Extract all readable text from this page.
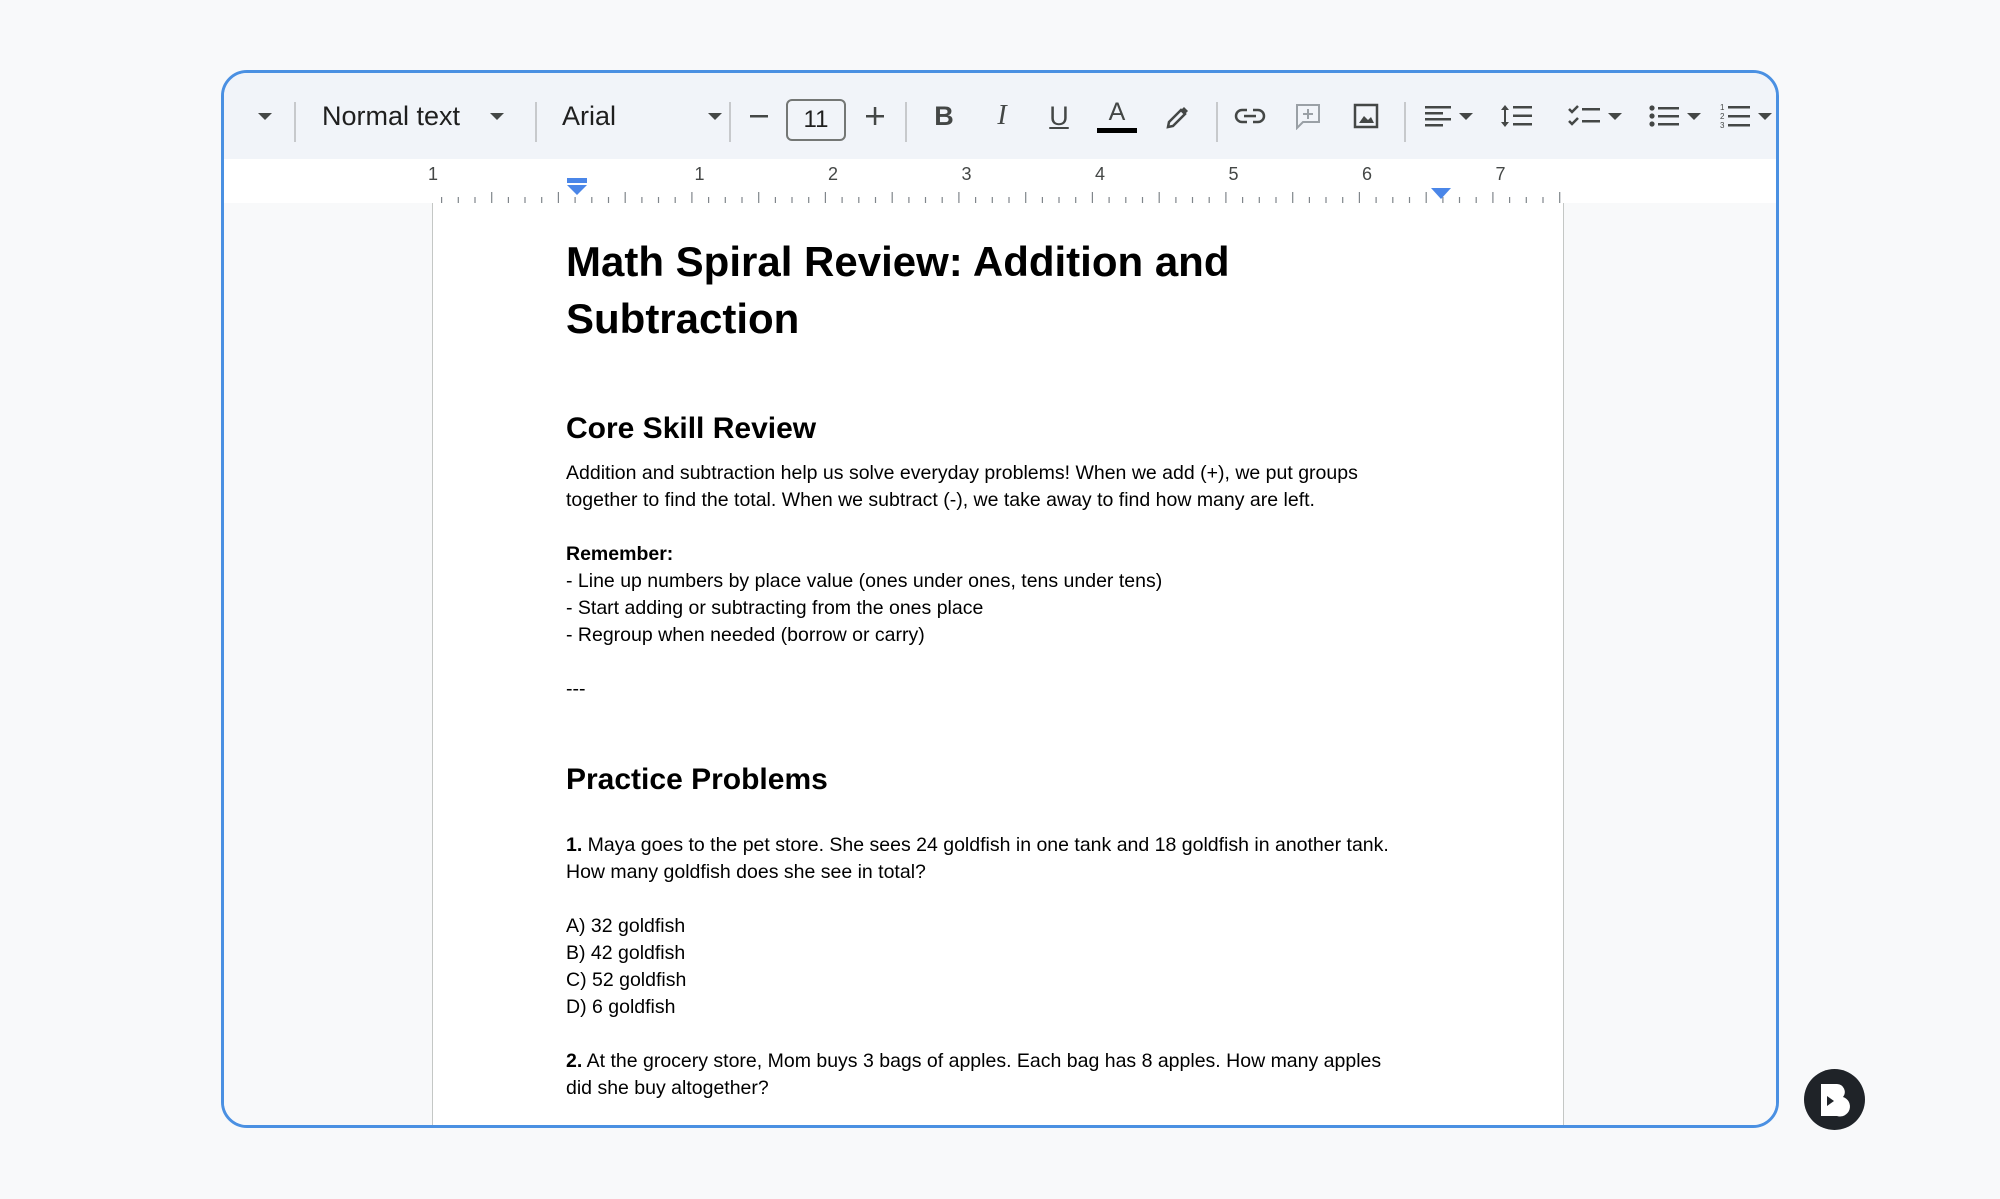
Normal text	Arial	11	B I U A	1
2
3
1	1	2	3	4	5	6	7

Math Spiral Review: Addition and
Subtraction

Core Skill Review

Addition and subtraction help us solve everyday problems! When we add (+), we put groups
together to find the total. When we subtract (-), we take away to find how many are left.

Remember:

- Line up numbers by place value (ones under ones, tens under tens)

- Start adding or subtracting from the ones place

- Regroup when needed (borrow or carry)

---

Practice Problems

1. Maya goes to the pet store. She sees 24 goldfish in one tank and 18 goldfish in another tank.
How many goldfish does she see in total?

A) 32 goldfish

B) 42 goldfish

C) 52 goldfish

D) 6 goldfish

2. At the grocery store, Mom buys 3 bags of apples. Each bag has 8 apples. How many apples
did she buy altogether?
